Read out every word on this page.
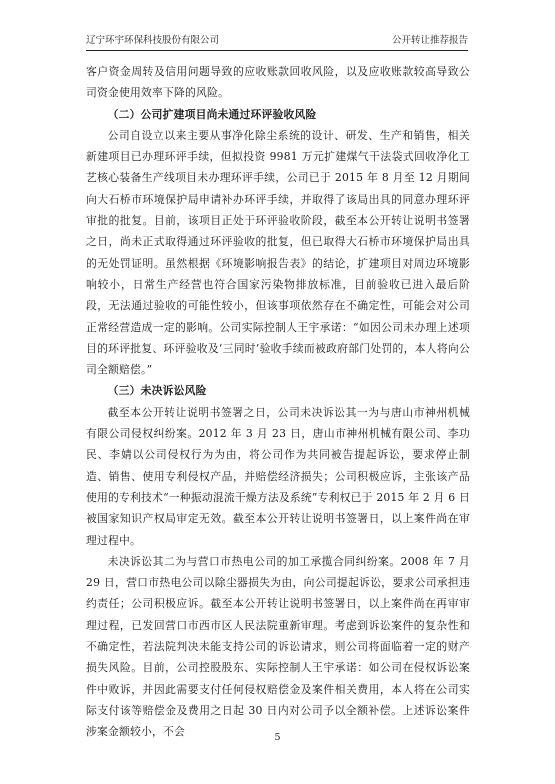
辽宁环宇环保科技股份有限公司	公开转让推荐报告

客户资金周转及信用问题导致的应收账款回收风险，以及应收账款较高导致公司资金使用效率下降的风险。

（二）公司扩建项目尚未通过环评验收风险

公司自设立以来主要从事净化除尘系统的设计、研发、生产和销售，相关新建项目已办理环评手续，但拟投资 9981 万元扩建煤气干法袋式回收净化工艺核心装备生产线项目未办理环评手续，公司已于 2015 年 8 月至 12 月期间向大石桥市环境保护局申请补办环评手续，并取得了该局出具的同意办理环评审批的批复。目前，该项目正处于环评验收阶段，截至本公开转让说明书签署之日，尚未正式取得通过环评验收的批复，但已取得大石桥市环境保护局出具的无处罚证明。虽然根据《环境影响报告表》的结论，扩建项目对周边环境影响较小，日常生产经营也符合国家污染物排放标准，目前验收已进入最后阶段，无法通过验收的可能性较小，但该事项依然存在不确定性，可能会对公司正常经营造成一定的影响。公司实际控制人王宇承诺：“如因公司未办理上述项目的环评批复、环评验收及‘三同时’验收手续而被政府部门处罚的，本人将向公司全额赔偿。”

（三）未决诉讼风险

截至本公开转让说明书签署之日，公司未决诉讼其一为与唐山市神州机械有限公司侵权纠纷案。2012 年 3 月 23 日，唐山市神州机械有限公司、李功民、李婧以公司侵权行为为由，将公司作为共同被告提起诉讼，要求停止制造、销售、使用专利侵权产品，并赔偿经济损失；公司积极应诉，主张该产品使用的专利技术“一种振动混流干燥方法及系统”专利权已于 2015 年 2 月 6 日被国家知识产权局审定无效。截至本公开转让说明书签署日，以上案件尚在审理过程中。

未决诉讼其二为与营口市热电公司的加工承揽合同纠纷案。2008 年 7 月 29 日，营口市热电公司以除尘器损失为由，向公司提起诉讼，要求公司承担违约责任；公司积极应诉。截至本公开转让说明书签署日，以上案件尚在再审审理过程，已发回营口市西市区人民法院重新审理。考虑到诉讼案件的复杂性和不确定性，若法院判决未能支持公司的诉讼请求，则公司将面临着一定的财产损失风险。目前，公司控股股东、实际控制人王宇承诺：如公司在侵权诉讼案件中败诉，并因此需要支付任何侵权赔偿金及案件相关费用，本人将在公司实际支付该等赔偿金及费用之日起 30 日内对公司予以全额补偿。上述诉讼案件涉案金额较小，不会	5
